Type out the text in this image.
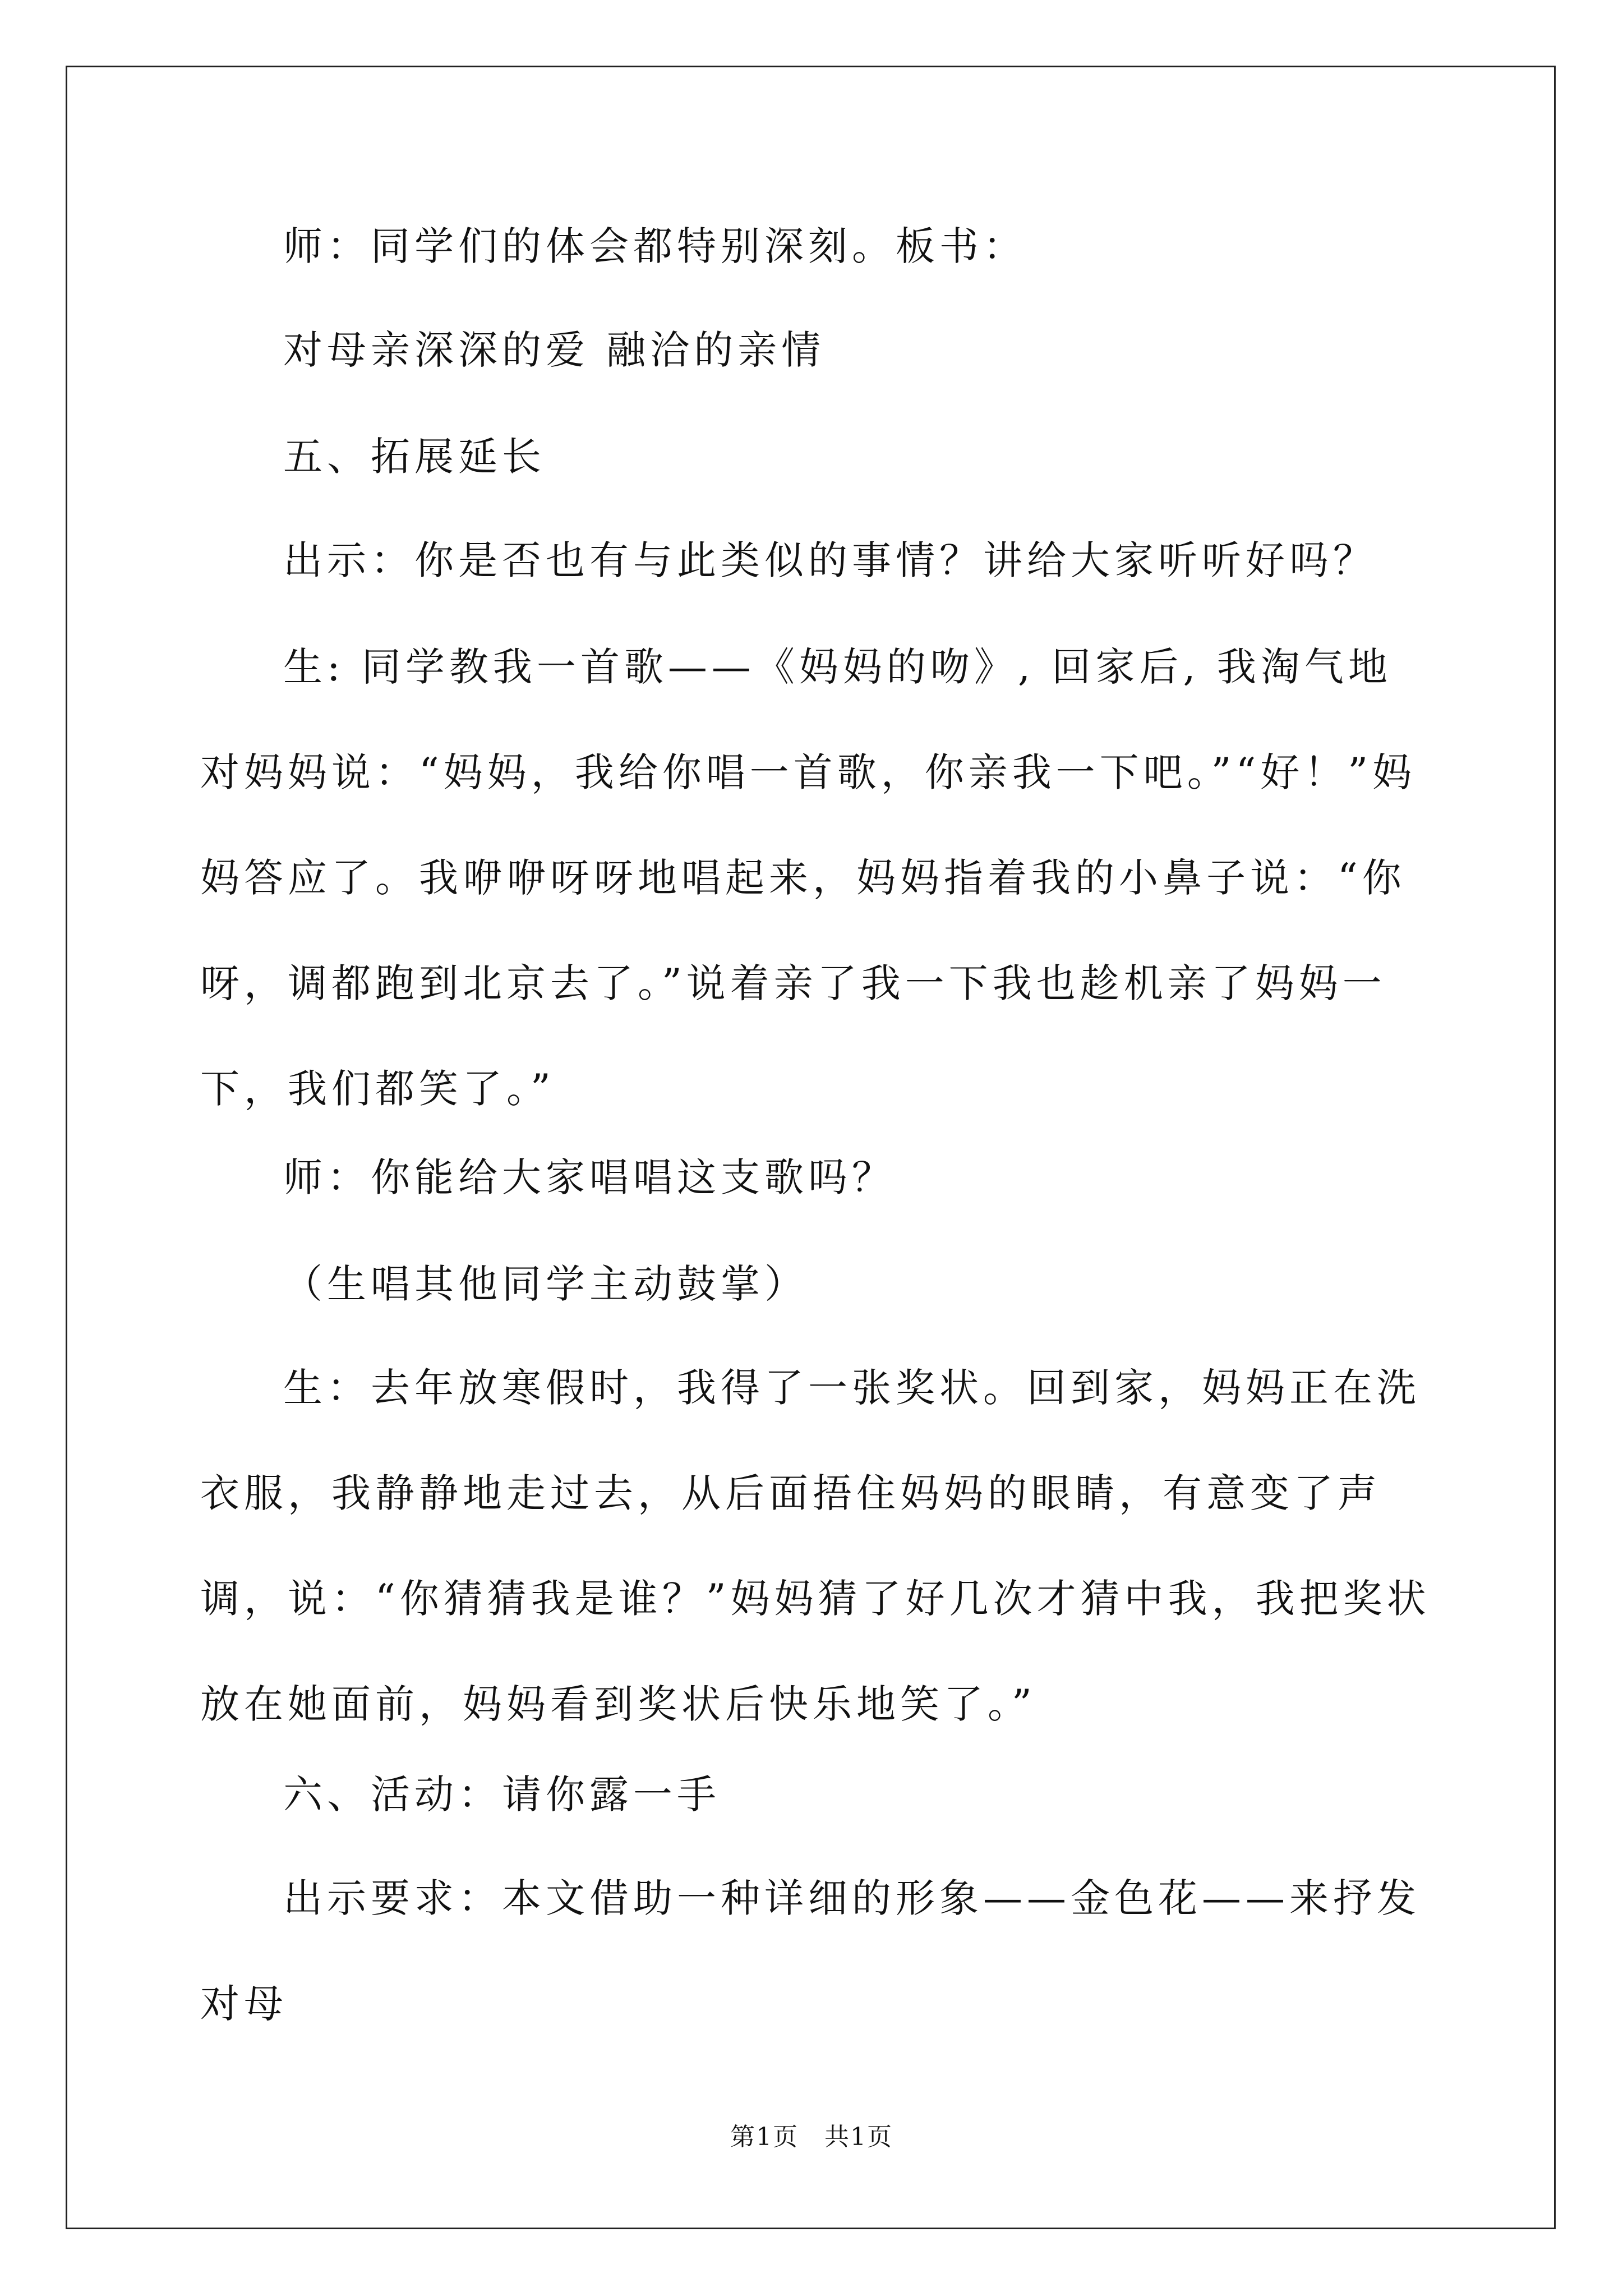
师：同学们的体会都特别深刻。板书：

对母亲深深的爱 融洽的亲情

五、拓展延长

出示：你是否也有与此类似的事情？讲给大家听听好吗？

生: 同学教我一首歌——《妈妈的吻》, 回家后, 我淘气地对妈妈说：“妈妈，我给你唱一首歌，你亲我一下吧。”“好！”妈妈答应了。我咿咿呀呀地唱起来，妈妈指着我的小鼻子说：“你呀，调都跑到北京去了。”说着亲了我一下我也趁机亲了妈妈一下，我们都笑了。”

师：你能给大家唱唱这支歌吗？

（生唱其他同学主动鼓掌）

生：去年放寒假时，我得了一张奖状。回到家，妈妈正在洗衣服，我静静地走过去，从后面捂住妈妈的眼睛，有意变了声调，说：“你猜猜我是谁？”妈妈猜了好几次才猜中我，我把奖状放在她面前，妈妈看到奖状后快乐地笑了。”

六、活动：请你露一手

出示要求：本文借助一种详细的形象——金色花——来抒发对母

第1页　共1页
